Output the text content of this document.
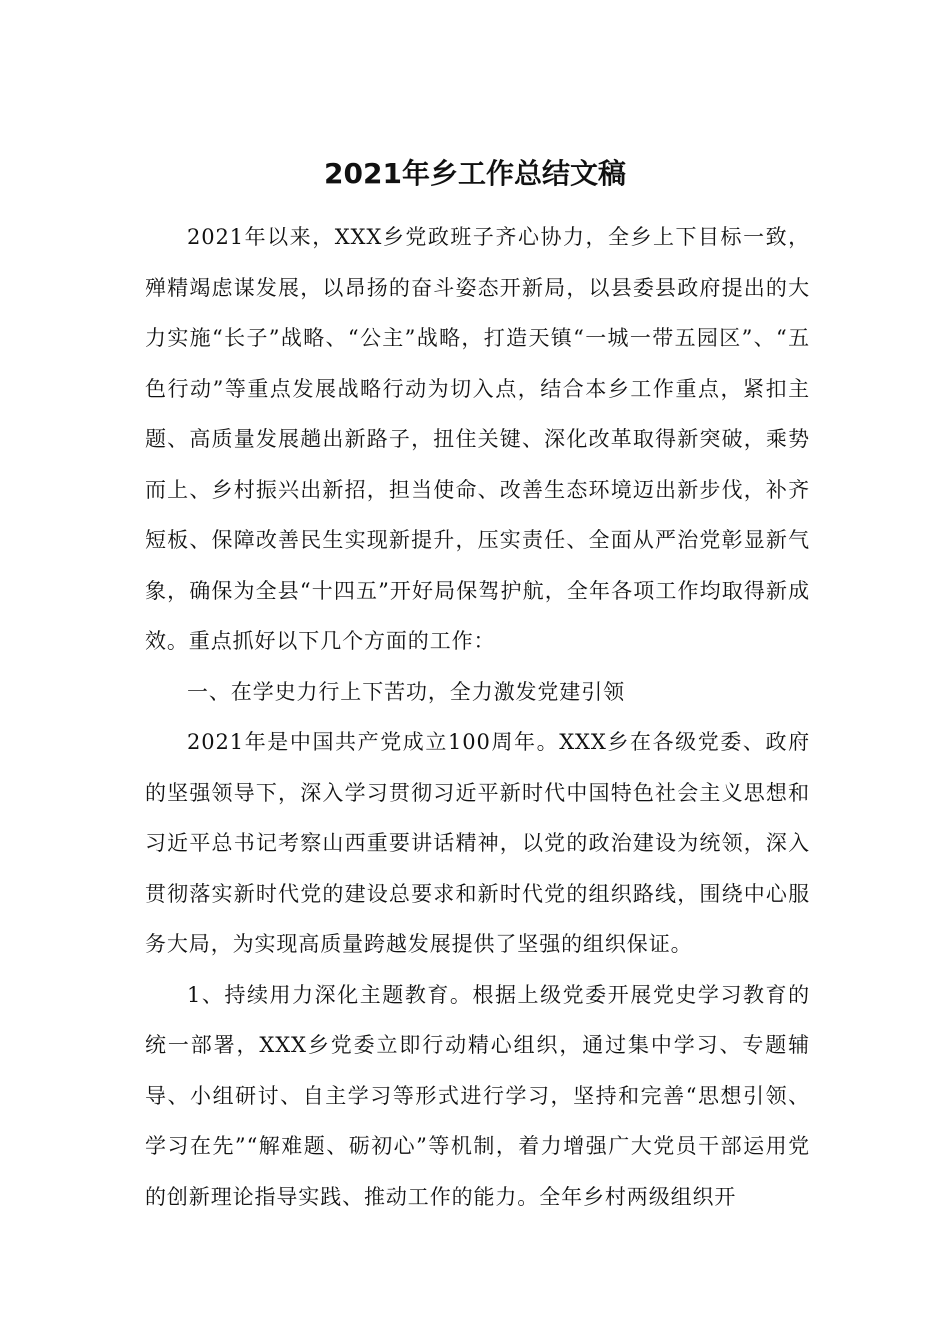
2021年乡工作总结文稿

2021年以来，XXX乡党政班子齐心协力，全乡上下目标一致，殚精竭虑谋发展，以昂扬的奋斗姿态开新局，以县委县政府提出的大力实施“长子”战略、“公主”战略，打造天镇“一城一带五园区”、“五色行动”等重点发展战略行动为切入点，结合本乡工作重点，紧扣主题、高质量发展趟出新路子，扭住关键、深化改革取得新突破，乘势而上、乡村振兴出新招，担当使命、改善生态环境迈出新步伐，补齐短板、保障改善民生实现新提升，压实责任、全面从严治党彰显新气象，确保为全县“十四五”开好局保驾护航，全年各项工作均取得新成效。重点抓好以下几个方面的工作：

一、在学史力行上下苦功，全力激发党建引领

2021年是中国共产党成立100周年。XXX乡在各级党委、政府的坚强领导下，深入学习贯彻习近平新时代中国特色社会主义思想和习近平总书记考察山西重要讲话精神，以党的政治建设为统领，深入贯彻落实新时代党的建设总要求和新时代党的组织路线，围绕中心服务大局，为实现高质量跨越发展提供了坚强的组织保证。

1、持续用力深化主题教育。根据上级党委开展党史学习教育的统一部署，XXX乡党委立即行动精心组织，通过集中学习、专题辅导、小组研讨、自主学习等形式进行学习，坚持和完善“思想引领、学习在先”“解难题、砺初心”等机制，着力增强广大党员干部运用党的创新理论指导实践、推动工作的能力。全年乡村两级组织开
